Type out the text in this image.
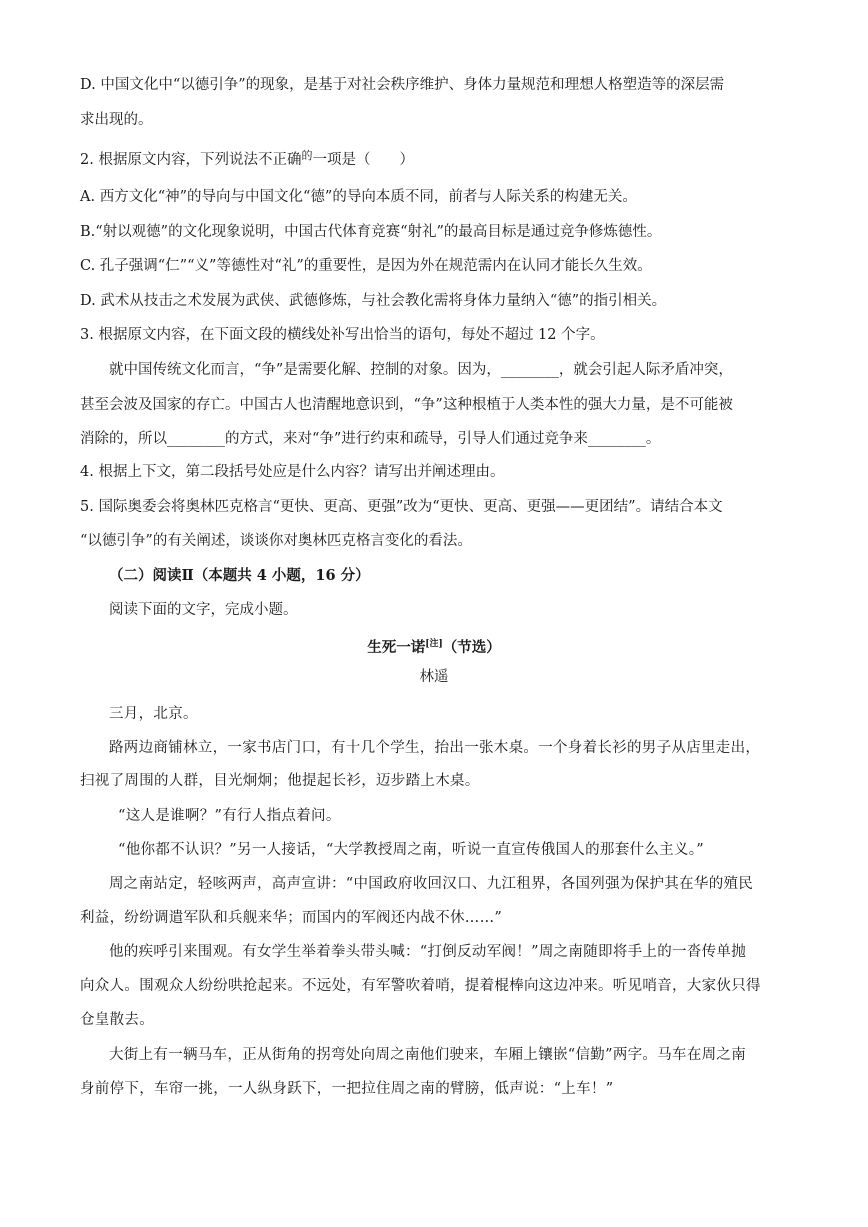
D. 中国文化中“以德引争”的现象，是基于对社会秩序维护、身体力量规范和理想人格塑造等的深层需
求出现的。
2. 根据原文内容，下列说法不正确$^的$一项是（　　）
A. 西方文化“神”的导向与中国文化“德”的导向本质不同，前者与人际关系的构建无关。
B.“射以观德”的文化现象说明，中国古代体育竞赛“射礼”的最高目标是通过竞争修炼德性。
C. 孔子强调“仁”“义”等德性对“礼”的重要性，是因为外在规范需内在认同才能长久生效。
D. 武术从技击之术发展为武侠、武德修炼，与社会教化需将身体力量纳入“德”的指引相关。
3. 根据原文内容，在下面文段的横线处补写出恰当的语句，每处不超过 12 个字。
就中国传统文化而言，“争”是需要化解、控制的对象。因为，________，就会引起人际矛盾冲突，
甚至会波及国家的存亡。中国古人也清醒地意识到，“争”这种根植于人类本性的强大力量，是不可能被
消除的，所以________的方式，来对“争”进行约束和疏导，引导人们通过竞争来________。
4. 根据上下文，第二段括号处应是什么内容？请写出并阐述理由。
5. 国际奥委会将奥林匹克格言“更快、更高、更强”改为“更快、更高、更强——更团结”。请结合本文
“以德引争”的有关阐述，谈谈你对奥林匹克格言变化的看法。
（二）阅读Ⅱ（本题共 4 小题，16 分）
阅读下面的文字，完成小题。
生死一诺[注]（节选）
林遥
三月，北京。
路两边商铺林立，一家书店门口，有十几个学生，抬出一张木桌。一个身着长衫的男子从店里走出，
扫视了周围的人群，目光炯炯；他提起长衫，迈步踏上木桌。
“这人是谁啊？”有行人指点着问。
“他你都不认识？”另一人接话，“大学教授周之南，听说一直宣传俄国人的那套什么主义。”
周之南站定，轻咳两声，高声宣讲：“中国政府收回汉口、九江租界，各国列强为保护其在华的殖民
利益，纷纷调遣军队和兵舰来华；而国内的军阀还内战不休……”
他的疾呼引来围观。有女学生举着拳头带头喊：“打倒反动军阀！”周之南随即将手上的一沓传单抛
向众人。围观众人纷纷哄抢起来。不远处，有军警吹着哨，提着棍棒向这边冲来。听见哨音，大家伙只得
仓皇散去。
大街上有一辆马车，正从街角的拐弯处向周之南他们驶来，车厢上镶嵌“信勤”两字。马车在周之南
身前停下，车帘一挑，一人纵身跃下，一把拉住周之南的臂膀，低声说：“上车！”
